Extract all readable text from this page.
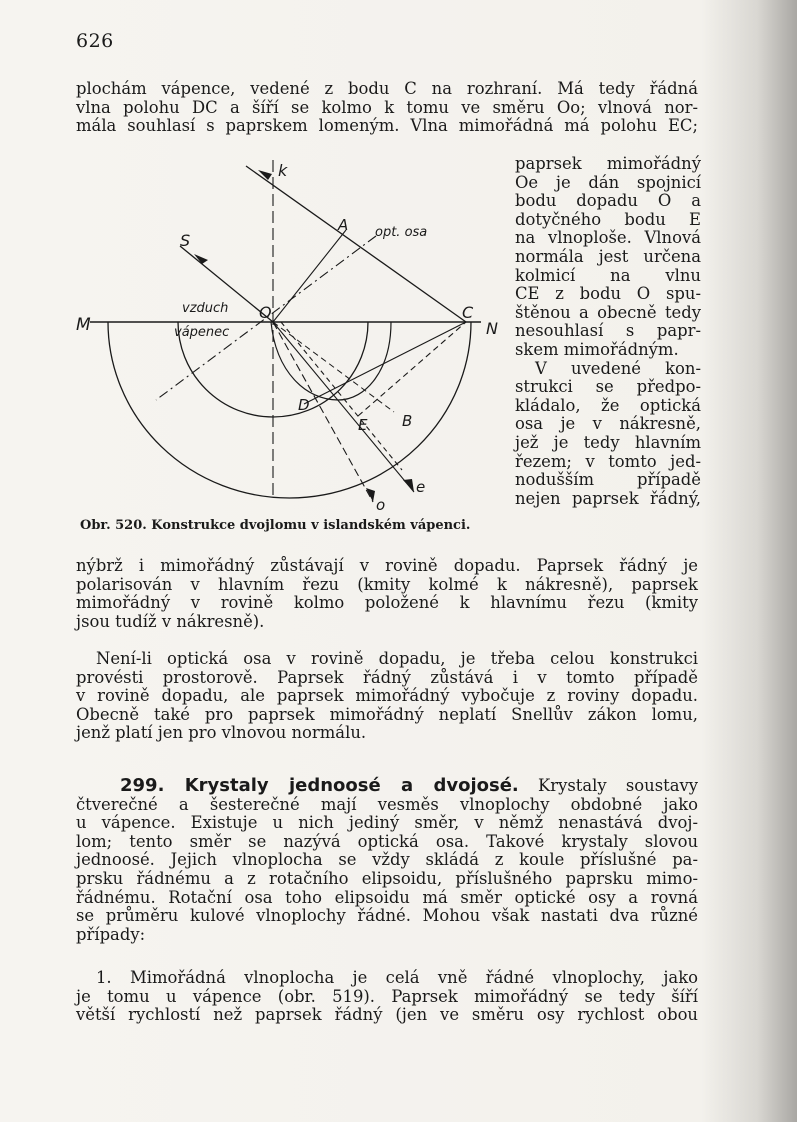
626
plochám vápence, vedené z bodu C na rozhraní. Má tedy řádná
vlna polohu DC a šíří se kolmo k tomu ve směru Oo; vlnová nor-
mála souhlasí s paprskem lomeným. Vlna mimořádná má polohu EC;
k
A opt. osa
S
vzduch
vápenec
M
O	C
N
D
E B
o
e
paprsek mimořádný
Oe je dán spojnicí
bodu dopadu O a
dotyčného bodu E
na vlnoploše. Vlnová
normála jest určena
kolmicí na vlnu
CE z bodu O spu-
štěnou a obecně tedy
nesouhlasí s papr-
skem mimořádným.
V uvedené kon-
strukci se předpo-
kládalo, že optická
osa je v nákresně,
jež je tedy hlavním
řezem; v tomto jed-
nodušším případě
nejen paprsek řádný,
Obr. 520. Konstrukce dvojlomu v islandském vápenci.
nýbrž i mimořádný zůstávají v rovině dopadu. Paprsek řádný je
polarisován v hlavním řezu (kmity kolmé k nákresně), paprsek
mimořádný v rovině kolmo položené k hlavnímu řezu (kmity
jsou tudíž v nákresně).
Není-li optická osa v rovině dopadu, je třeba celou konstrukci
provésti prostorově. Paprsek řádný zůstává i v tomto případě
v rovině dopadu, ale paprsek mimořádný vybočuje z roviny dopadu.
Obecně také pro paprsek mimořádný neplatí Snellův zákon lomu,
jenž platí jen pro vlnovou normálu.
299. Krystaly jednoosé a dvojosé. Krystaly soustavy
čtverečné a šesterečné mají vesměs vlnoplochy obdobné jako
u vápence. Existuje u nich jediný směr, v němž nenastává dvoj-
lom; tento směr se nazývá optická osa. Takové krystaly slovou
jednoosé. Jejich vlnoplocha se vždy skládá z koule příslušné pa-
prsku řádnému a z rotačního elipsoidu, příslušného paprsku mimo-
řádnému. Rotační osa toho elipsoidu má směr optické osy a rovná
se průměru kulové vlnoplochy řádné. Mohou však nastati dva různé
případy:
1. Mimořádná vlnoplocha je celá vně řádné vlnoplochy, jako
je tomu u vápence (obr. 519). Paprsek mimořádný se tedy šíří
větší rychlostí než paprsek řádný (jen ve směru osy rychlost obou
